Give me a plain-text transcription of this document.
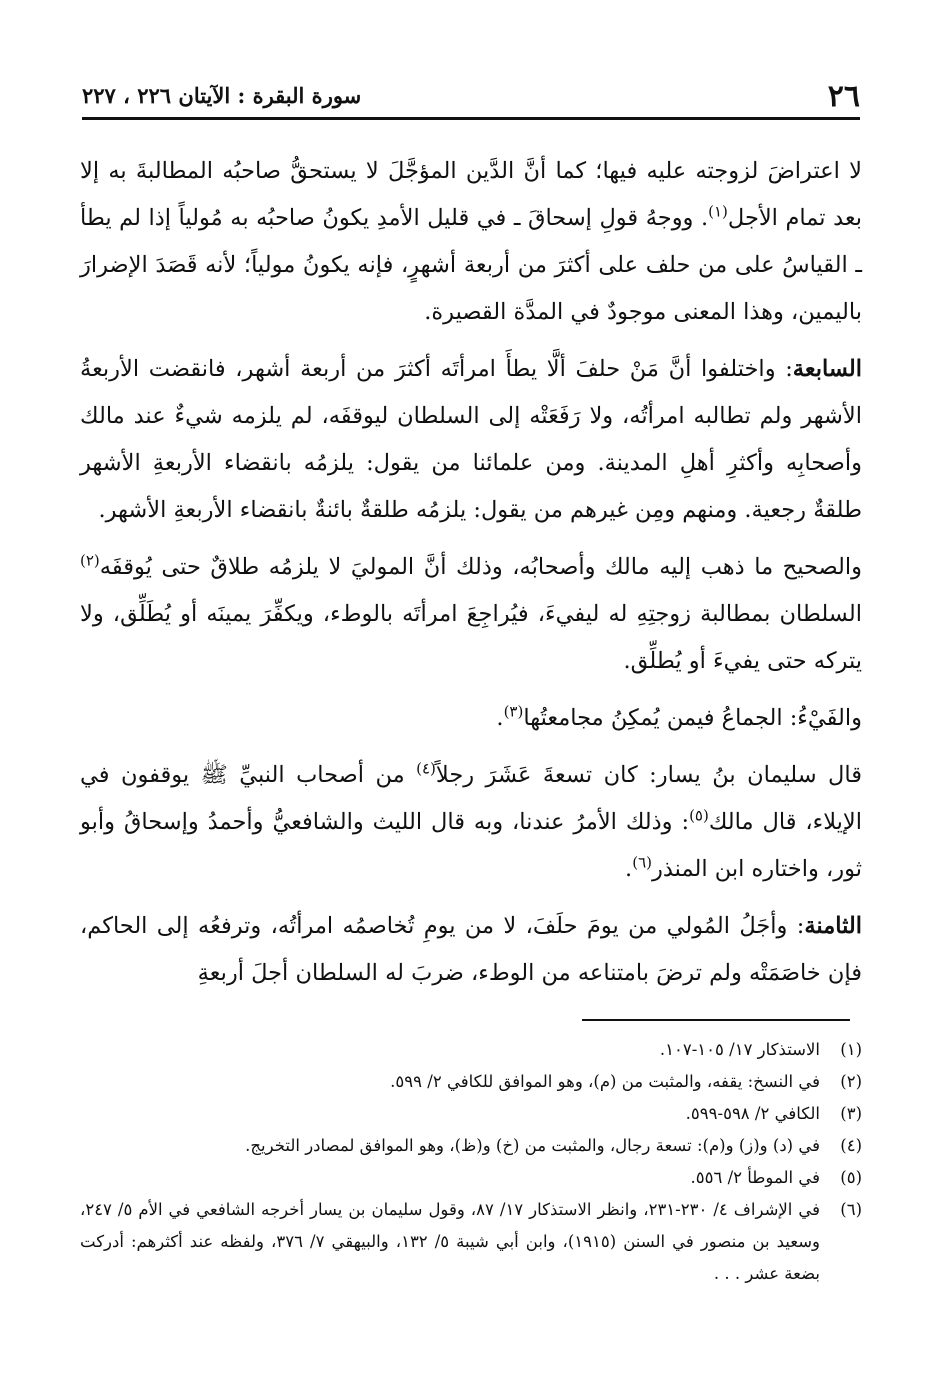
٢٦
سورة البقرة : الآيتان ٢٢٦ ، ٢٢٧

لا اعتراضَ لزوجته عليه فيها؛ كما أنَّ الدَّين المؤجَّلَ لا يستحقُّ صاحبُه المطالبةَ به إلا بعد تمام الأجل$^{(١)}$. ووجهُ قولِ إسحاقَ ـ في قليل الأمدِ يكونُ صاحبُه به مُولياً إذا لم يطأ ـ القياسُ على من حلف على أكثرَ من أربعة أشهرٍ، فإنه يكونُ مولياً؛ لأنه قَصَدَ الإضرارَ باليمين، وهذا المعنى موجودٌ في المدَّة القصيرة.

السابعة: واختلفوا أنَّ مَنْ حلفَ ألَّا يطأَ امرأتَه أكثرَ من أربعة أشهر، فانقضت الأربعةُ الأشهر ولم تطالبه امرأتُه، ولا رَفَعَتْه إلى السلطان ليوقفَه، لم يلزمه شيءٌ عند مالك وأصحابِه وأكثرِ أهلِ المدينة. ومن علمائنا من يقول: يلزمُه بانقضاء الأربعةِ الأشهر طلقةٌ رجعية. ومنهم ومِن غيرهم من يقول: يلزمُه طلقةٌ بائنةٌ بانقضاء الأربعةِ الأشهر.

والصحيح ما ذهب إليه مالك وأصحابُه، وذلك أنَّ الموليَ لا يلزمُه طلاقٌ حتى يُوقفَه$^{(٢)}$ السلطان بمطالبة زوجتِهِ له ليفيءَ، فيُراجِعَ امرأتَه بالوطء، ويكفِّرَ يمينَه أو يُطَلِّق، ولا يتركه حتى يفيءَ أو يُطلِّق.

والفَيْءُ: الجماعُ فيمن يُمكِنُ مجامعتُها$^{(٣)}$.

قال سليمان بنُ يسار: كان تسعةَ عَشَرَ رجلاً$^{(٤)}$ من أصحاب النبيِّ ﷺ يوقفون في الإيلاء، قال مالك$^{(٥)}$: وذلك الأمرُ عندنا، وبه قال الليث والشافعيُّ وأحمدُ وإسحاقُ وأبو ثور، واختاره ابن المنذر$^{(٦)}$.

الثامنة: وأجَلُ المُولي من يومَ حلَفَ، لا من يومِ تُخاصمُه امرأتُه، وترفعُه إلى الحاكم، فإن خاصَمَتْه ولم ترضَ بامتناعه من الوطء، ضربَ له السلطان أجلَ أربعةِ

(١)
الاستذكار ١٧/ ١٠٥-١٠٧.
(٢)
في النسخ: يقفه، والمثبت من (م)، وهو الموافق للكافي ٢/ ٥٩٩.
(٣)
الكافي ٢/ ٥٩٨-٥٩٩.
(٤)
في (د) و(ز) و(م): تسعة رجال، والمثبت من (خ) و(ظ)، وهو الموافق لمصادر التخريج.
(٥)
في الموطأ ٢/ ٥٥٦.
(٦)
في الإشراف ٤/ ٢٣٠-٢٣١، وانظر الاستذكار ١٧/ ٨٧، وقول سليمان بن يسار أخرجه الشافعي في الأم ٥/ ٢٤٧، وسعيد بن منصور في السنن (١٩١٥)، وابن أبي شيبة ٥/ ١٣٢، والبيهقي ٧/ ٣٧٦، ولفظه عند أكثرهم: أدركت بضعة عشر . . .
